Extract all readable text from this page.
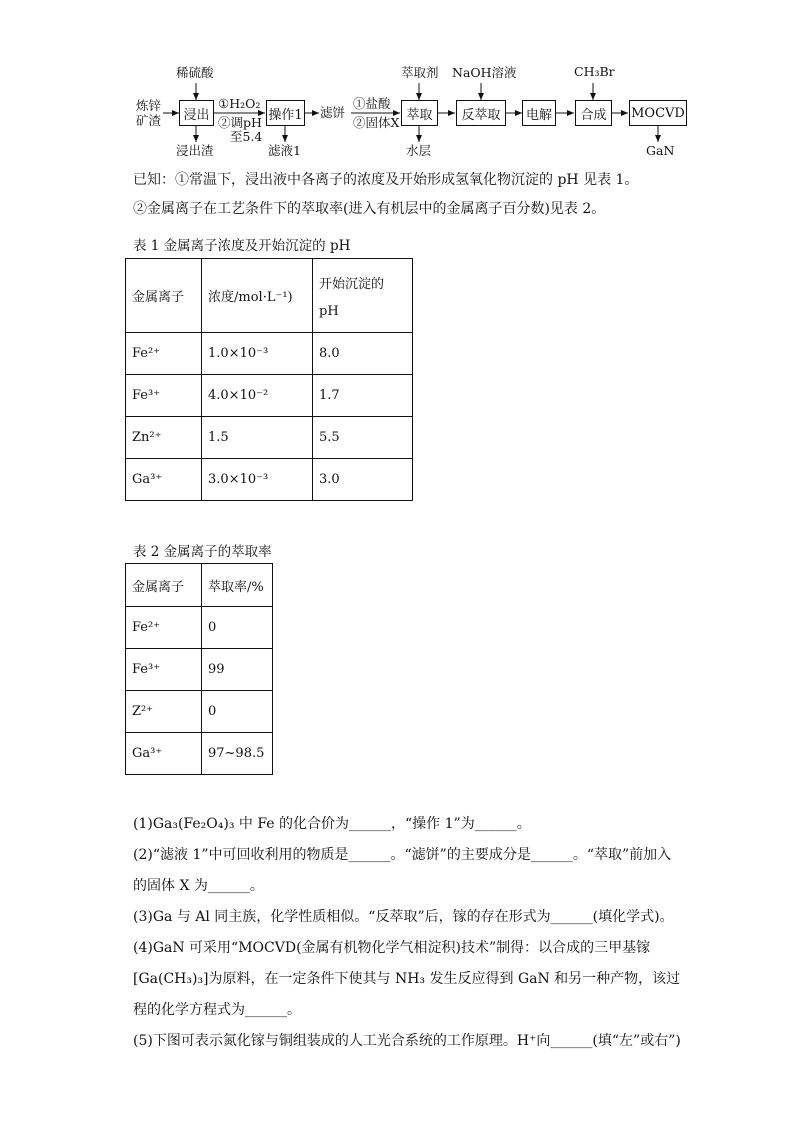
炼锌
矿渣
稀硫酸
浸出
浸出渣
①H₂O₂
②调pH
至5.4
操作1
滤液1
滤饼
①盐酸
②固体X
萃取剂
萃取
水层
NaOH溶液
反萃取 电解
CH₃Br
合成 MOCVD
GaN
已知：①常温下，浸出液中各离子的浓度及开始形成氢氧化物沉淀的 pH 见表 1。
②金属离子在工艺条件下的萃取率(进入有机层中的金属离子百分数)见表 2。
表 1 金属离子浓度及开始沉淀的 pH
金属离子	浓度/mol·L⁻¹)	开始沉淀的
pH

Fe²⁺	1.0×10⁻³	8.0
Fe³⁺	4.0×10⁻²	1.7
Zn²⁺	1.5	5.5
Ga³⁺	3.0×10⁻³	3.0
表 2 金属离子的萃取率
金属离子	萃取率/%
Fe²⁺	0
Fe³⁺	99
Z²⁺	0
Ga³⁺	97~98.5
(1)Ga₃(Fe₂O₄)₃ 中 Fe 的化合价为______，“操作 1”为______。
(2)“滤液 1”中可回收利用的物质是______。“滤饼”的主要成分是______。“萃取”前加入
的固体 X 为______。
(3)Ga 与 Al 同主族，化学性质相似。“反萃取”后，镓的存在形式为______(填化学式)。
(4)GaN 可采用“MOCVD(金属有机物化学气相淀积)技术”制得：以合成的三甲基镓
[Ga(CH₃)₃]为原料，在一定条件下使其与 NH₃ 发生反应得到 GaN 和另一种产物，该过
程的化学方程式为______。
(5)下图可表示氮化镓与铜组装成的人工光合系统的工作原理。H⁺向______(填“左”或右”)
